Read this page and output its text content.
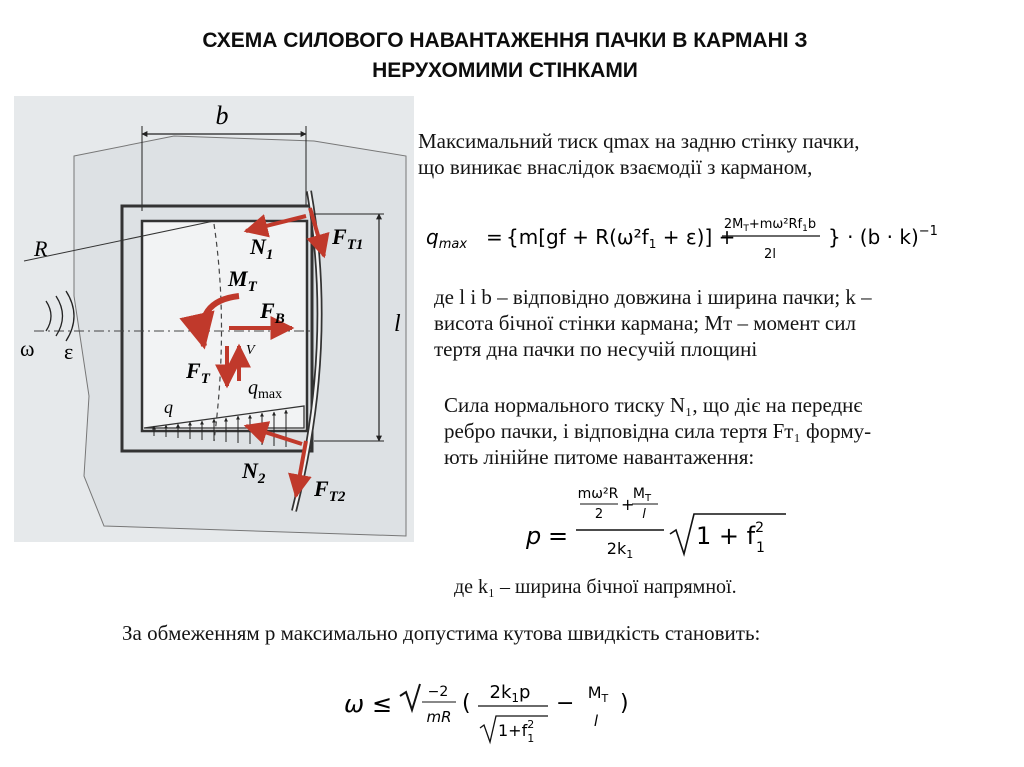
СХЕМА СИЛОВОГО НАВАНТАЖЕННЯ ПАЧКИ В КАРМАНІ З
НЕРУХОМИМИ СТІНКАМИ
b
R
l
ω ε
$N_1$
$F_{T1}$
$M_T$
$F_B$
V
$F_T$ $q_{max}$
q
$N_2$ $F_{T2}$
Максимальний тиск qmax на задню стінку пачки,
що виникає внаслідок взаємодії з карманом,
$q_{max} = \{m[gf + R(\omega^2f_1 + \varepsilon)]$ +
$2M_T+m\omega^2Rf_1b$
2l
} · $(b \cdot k)^{-1}$
де l і b – відповідно довжина і ширина пачки; k –
висота бічної стінки кармана; Мт – момент сил
тертя дна пачки по несучій площині
Сила нормального тиску N₁, що діє на переднє
ребро пачки, і відповідна сила тертя Fт₁ форму-
ють лінійне питоме навантаження:
p =
mω²R
2
+
$M_T$
l
$2k_1$
$1 + f^2$ 1
де k₁ – ширина бічної напрямної.
За обмеженням p максимально допустима кутова швидкість становить:
ω ≤	−2
mR
( $2k_1p$
$1+f^2$ 1
− $M_T$
l
)
